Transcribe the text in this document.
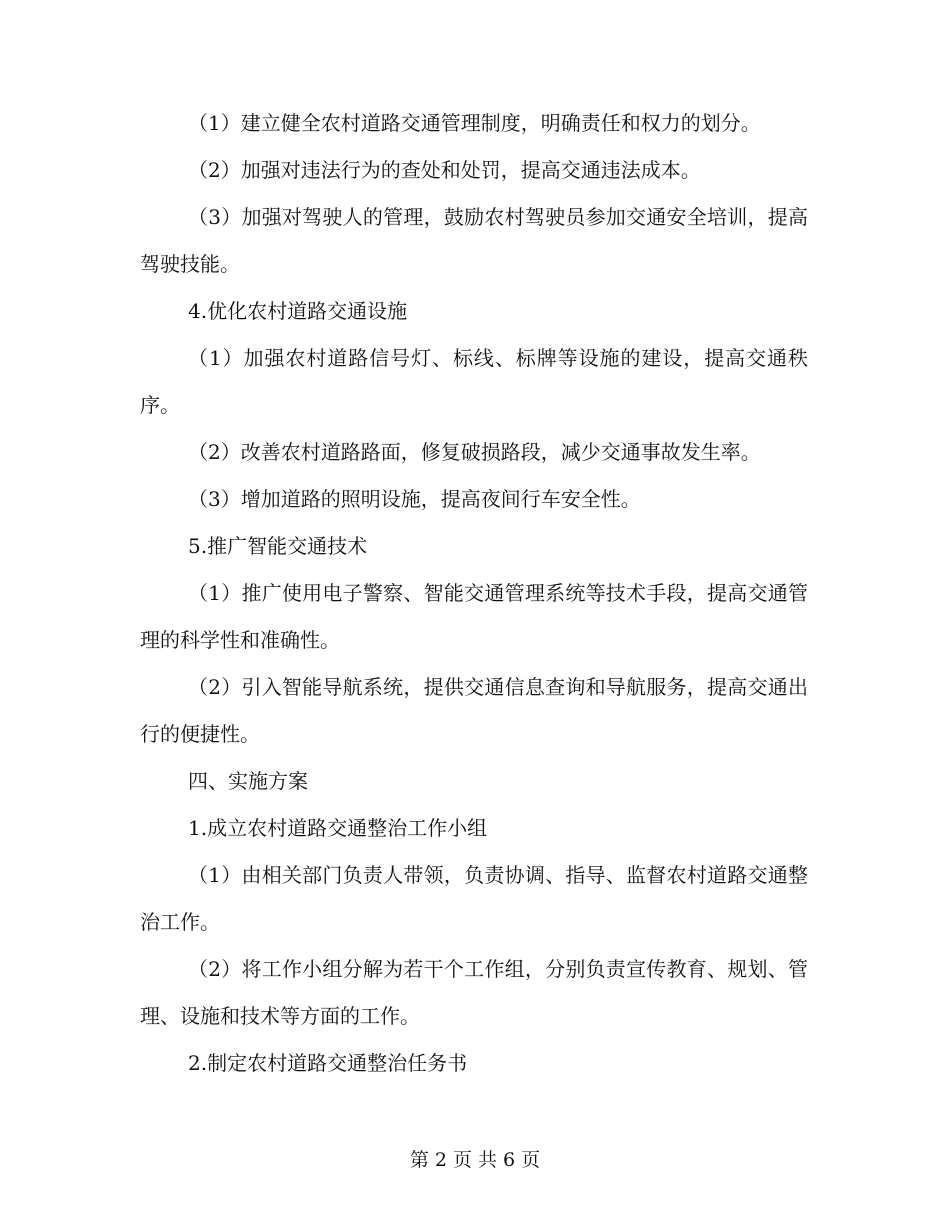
（1）建立健全农村道路交通管理制度，明确责任和权力的划分。

（2）加强对违法行为的查处和处罚，提高交通违法成本。

（3）加强对驾驶人的管理，鼓励农村驾驶员参加交通安全培训，提高驾驶技能。

4.优化农村道路交通设施

（1）加强农村道路信号灯、标线、标牌等设施的建设，提高交通秩序。

（2）改善农村道路路面，修复破损路段，减少交通事故发生率。

（3）增加道路的照明设施，提高夜间行车安全性。

5.推广智能交通技术

（1）推广使用电子警察、智能交通管理系统等技术手段，提高交通管理的科学性和准确性。

（2）引入智能导航系统，提供交通信息查询和导航服务，提高交通出行的便捷性。

四、实施方案

1.成立农村道路交通整治工作小组

（1）由相关部门负责人带领，负责协调、指导、监督农村道路交通整治工作。

（2）将工作小组分解为若干个工作组，分别负责宣传教育、规划、管理、设施和技术等方面的工作。

2.制定农村道路交通整治任务书

第 2 页 共 6 页
